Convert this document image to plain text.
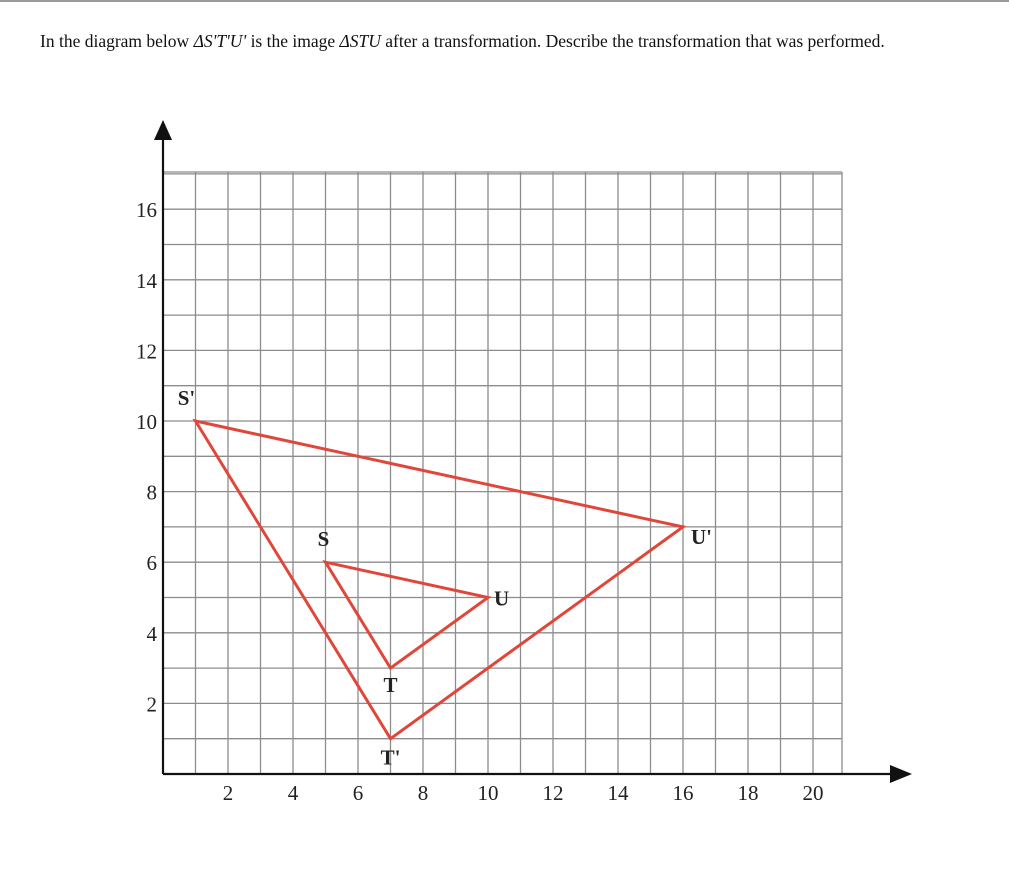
In the diagram below ΔS'T'U' is the image ΔSTU after a transformation. Describe the transformation that was performed.
2	4	6	8 10 12 14 16 18 20
2
4
6
8
10
12
14
16
S
T
U
S'
T'
U'
